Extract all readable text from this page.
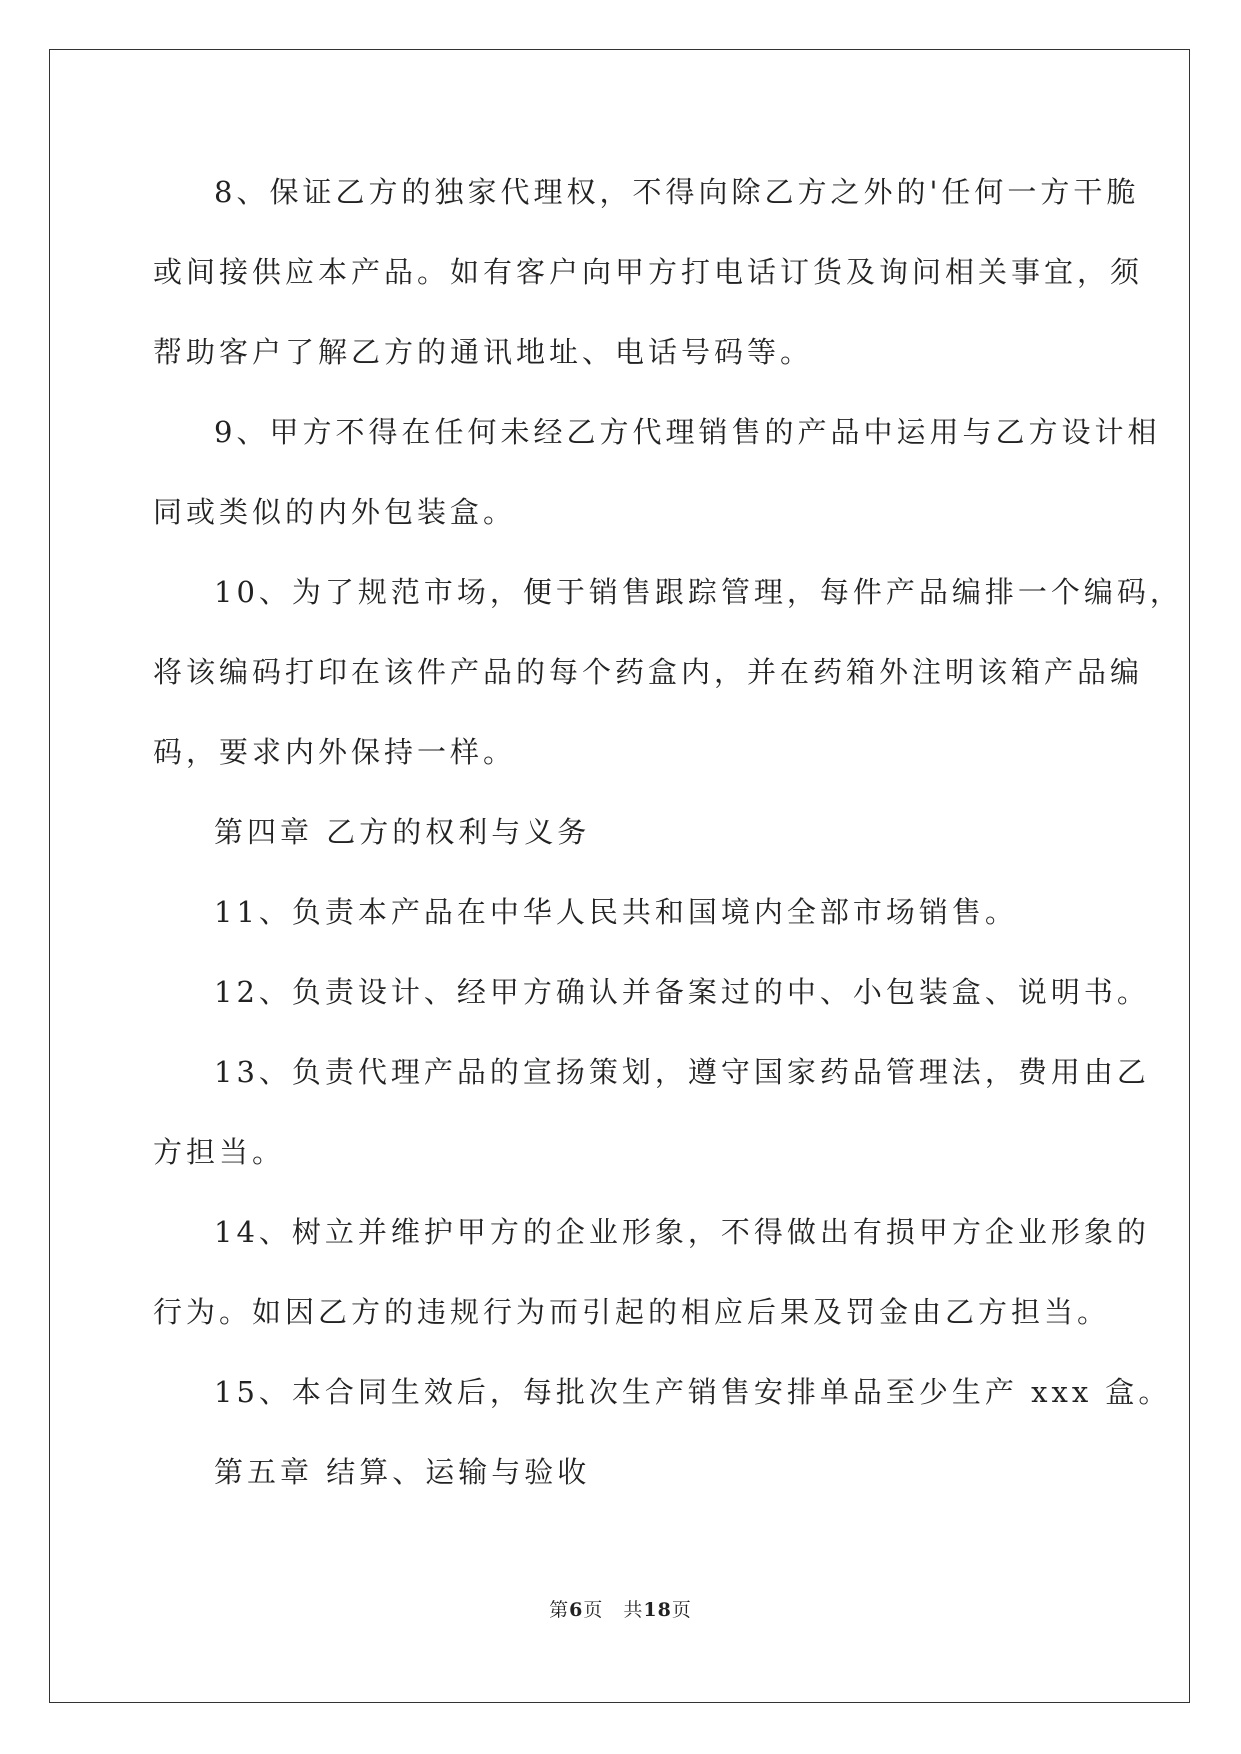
8、保证乙方的独家代理权，不得向除乙方之外的'任何一方干脆
或间接供应本产品。如有客户向甲方打电话订货及询问相关事宜，须
帮助客户了解乙方的通讯地址、电话号码等。
9、甲方不得在任何未经乙方代理销售的产品中运用与乙方设计相
同或类似的内外包装盒。
10、为了规范市场，便于销售跟踪管理，每件产品编排一个编码，
将该编码打印在该件产品的每个药盒内，并在药箱外注明该箱产品编
码，要求内外保持一样。
第四章 乙方的权利与义务
11、负责本产品在中华人民共和国境内全部市场销售。
12、负责设计、经甲方确认并备案过的中、小包装盒、说明书。
13、负责代理产品的宣扬策划，遵守国家药品管理法，费用由乙
方担当。
14、树立并维护甲方的企业形象，不得做出有损甲方企业形象的
行为。如因乙方的违规行为而引起的相应后果及罚金由乙方担当。
15、本合同生效后，每批次生产销售安排单品至少生产 xxx 盒。
第五章 结算、运输与验收
第6页　共18页
